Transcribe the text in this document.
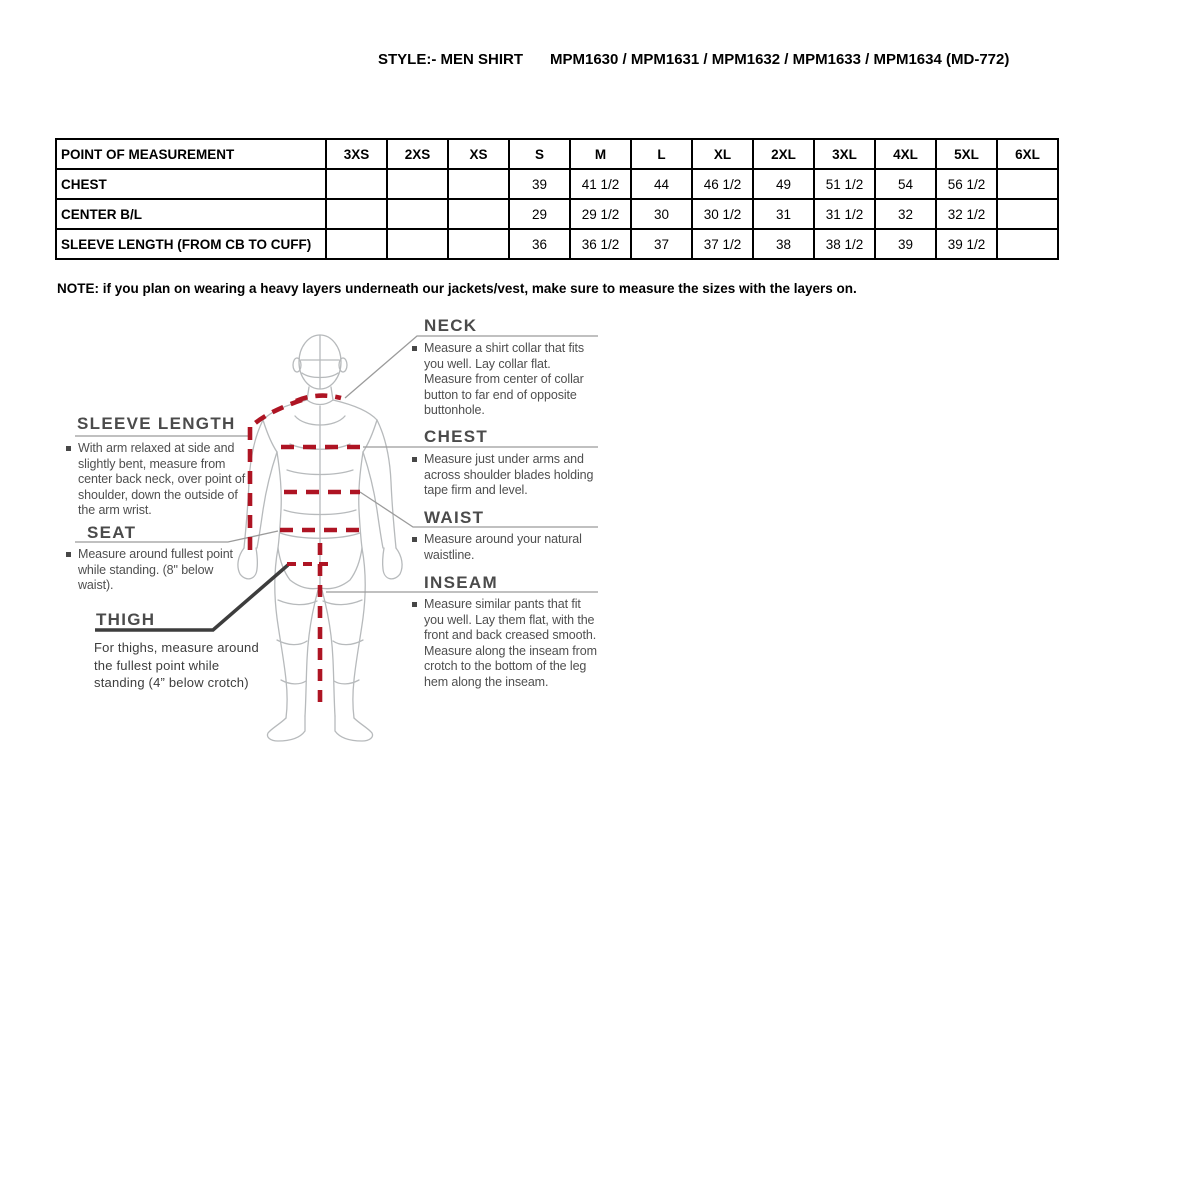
STYLE:- MEN SHIRT MPM1630 / MPM1631 / MPM1632 / MPM1633 / MPM1634 (MD-772)
POINT OF MEASUREMENT	3XS	2XS	XS	S	M	L	XL	2XL	3XL	4XL	5XL	6XL
CHEST				39	41 1/2	44	46 1/2	49	51 1/2	54	56 1/2	
CENTER B/L				29	29 1/2	30	30 1/2	31	31 1/2	32	32 1/2	
SLEEVE LENGTH (FROM CB TO CUFF)				36	36 1/2	37	37 1/2	38	38 1/2	39	39 1/2	
NOTE: if you plan on wearing a heavy layers underneath our jackets/vest, make sure to measure the sizes with the layers on.
NECK
Measure a shirt collar that fits you well. Lay collar flat. Measure from center of collar button to far end of opposite buttonhole.
CHEST
Measure just under arms and across shoulder blades holding tape firm and level.
WAIST
Measure around your natural waistline.
INSEAM
Measure similar pants that fit you well. Lay them flat, with the front and back creased smooth. Measure along the inseam from crotch to the bottom of the leg hem along the inseam.
SLEEVE LENGTH
With arm relaxed at side and slightly bent, measure from center back neck, over point of shoulder, down the outside of the arm wrist.
SEAT
Measure around fullest point while standing. (8" below waist).
THIGH
For thighs, measure around the fullest point while standing (4” below crotch)
